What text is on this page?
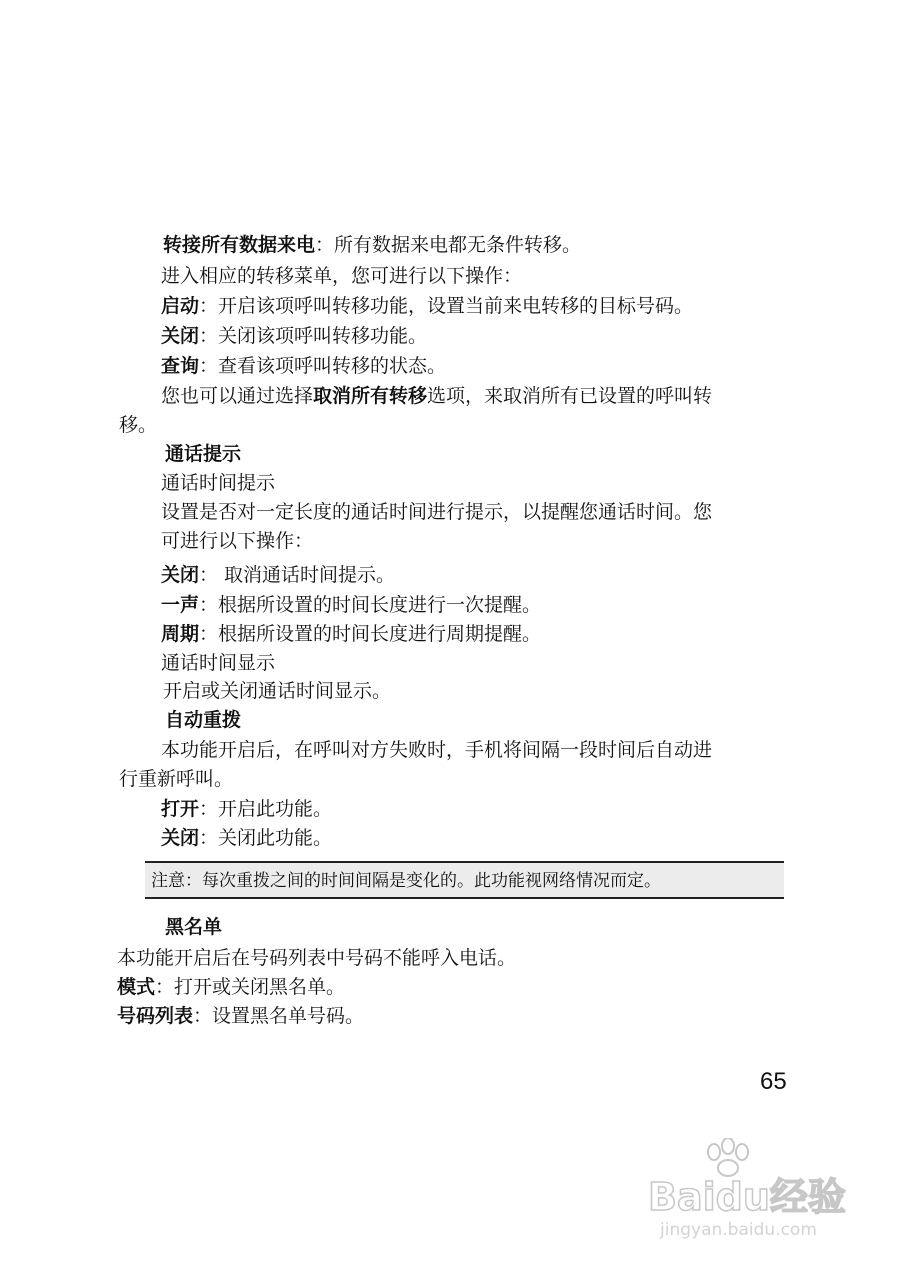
转接所有数据来电：所有数据来电都无条件转移。
进入相应的转移菜单，您可进行以下操作：
启动：开启该项呼叫转移功能，设置当前来电转移的目标号码。
关闭：关闭该项呼叫转移功能。
查询：查看该项呼叫转移的状态。
您也可以通过选择取消所有转移选项，来取消所有已设置的呼叫转
移。
通话提示
通话时间提示
设置是否对一定长度的通话时间进行提示，以提醒您通话时间。您
可进行以下操作：
关闭： 取消通话时间提示。
一声：根据所设置的时间长度进行一次提醒。
周期：根据所设置的时间长度进行周期提醒。
通话时间显示
开启或关闭通话时间显示。
自动重拨
本功能开启后，在呼叫对方失败时，手机将间隔一段时间后自动进
行重新呼叫。
打开：开启此功能。
关闭：关闭此功能。
注意：每次重拨之间的时间间隔是变化的。此功能视网络情况而定。
黑名单
本功能开启后在号码列表中号码不能呼入电话。
模式：打开或关闭黑名单。
号码列表：设置黑名单号码。
65
Baidu经验
jingyan.baidu.com
